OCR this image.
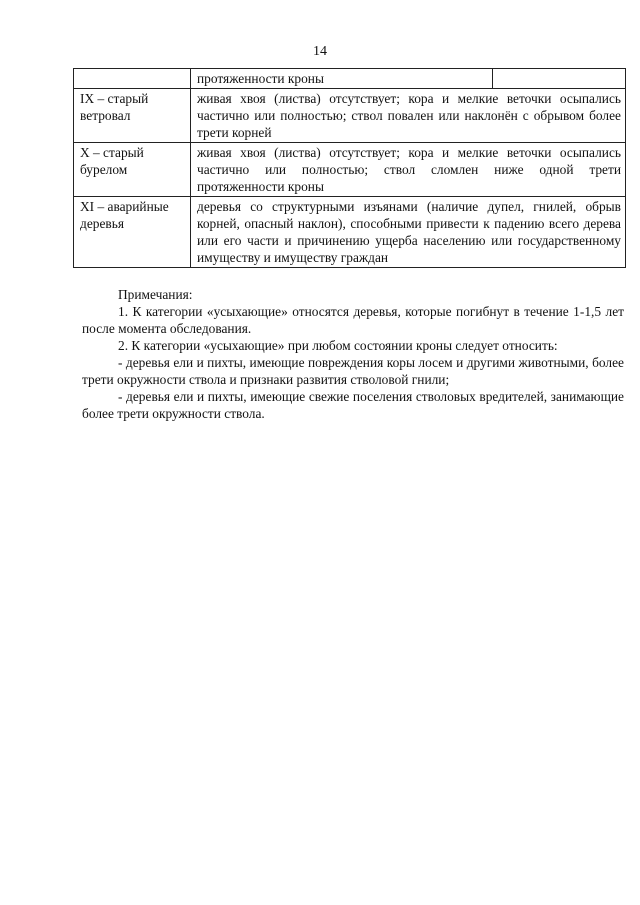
14
	протяженности кроны	
IX – старый ветровал	живая хвоя (листва) отсутствует; кора и мелкие веточки осыпались частично или полностью; ствол повален или наклонён с обрывом более трети корней	
X – старый бурелом	живая хвоя (листва) отсутствует; кора и мелкие веточки осыпались частично или полностью; ствол сломлен ниже одной трети протяженности кроны	
XI – аварийные деревья	деревья со структурными изъянами (наличие дупел, гнилей, обрыв корней, опасный наклон), способными привести к падению всего дерева или его части и причинению ущерба населению или государственному имуществу и имуществу граждан	

Примечания:

1. К категории «усыхающие» относятся деревья, которые погибнут в течение 1-1,5 лет после момента обследования.

2. К категории «усыхающие» при любом состоянии кроны следует относить:

- деревья ели и пихты, имеющие повреждения коры лосем и другими животными, более трети окружности ствола и признаки развития стволовой гнили;

- деревья ели и пихты, имеющие свежие поселения стволовых вредителей, занимающие более трети окружности ствола.
